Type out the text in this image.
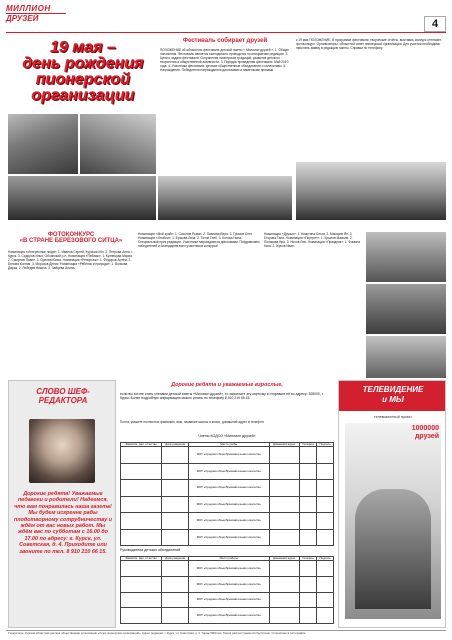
МИЛЛИОН
ДРУЗЕЙ	4
19 мая –
день рождения
пионерской
организации
Фестиваль собирает друзей
ПОЛОЖЕНИЕ об областном фестивале детской газеты « Миллион друзей ». 1. Общие положения. Фестиваль является ежегодным и проводится по инициативе редакции. 2. Цели и задачи фестиваля. Сохранение пионерских традиций, развитие детского творчества и общественной активности. 3. Порядок проведения фестиваля. Май 2010 года. 4. Участники фестиваля: детские общественные объединения и коллективы. 5. Награждение. Победители награждаются дипломами и памятными призами.
к 19 мая ПОЛОЖЕНИЕ. В программе фестиваля: творческие отчёты, выставки, конкурс стенгазет, фотоконкурс. Организаторы: областной совет пионерской организации. Для участия необходимо прислать заявку в редакцию газеты. Справки по телефону.
ФОТОКОНКУРС
«В СТРАНЕ БЕРЁЗОВОГО СИТЦА»
Номинация «Интересные люди»: 1. Иванов Сергей, Курская обл. 2. Петрова Анна, г. Курск. 3. Сидоров Илья, Обоянский р-н. Номинация «Пейзаж»: 1. Кузнецова Мария. 2. Смирнов Павел. 3. Орлова Юлия. Номинация «Репортаж»: 1. Фёдоров Артём. 2. Белова Ксения. 3. Морозов Денис. Номинация «Ребёнок и природа»: 1. Волкова Дарья. 2. Лебедев Никита. 3. Зайцева Алина.
Номинация «Мой край»: 1. Соколов Роман. 2. Павлова Вера. 3. Громов Олег. Номинация «Улыбка»: 1. Ершова Лиза. 2. Титов Глеб. 3. Котова Нина. Специальный приз редакции. Участники награждаются дипломами. Поздравляем победителей и благодарим всех участников конкурса!
Номинация «Друзья»: 1. Никитина Ольга. 2. Макаров Ян. 3. Егорова Таня. Номинация «Портрет»: 1. Крылов Максим. 2. Полякова Ира. 3. Носов Лев. Номинация «Праздник»: 1. Фомина Катя. 2. Жуков Иван.
СЛОВО ШЕФ-РЕДАКТОРА
Дорогие ребята! Уважаемые педагоги и родители! Надеемся, что вам понравилась наша газета! Мы будем искренне рады плодотворному сотрудничеству и ждём от вас новых работ. Мы ждём вас по субботам с 16.00 до 17.00 по адресу: г. Курск, ул. Советская, д. 4. Приходите или звоните по тел. 8 910 210 66 15.
Дорогие ребята и уважаемые взрослые,
если вы хотите стать членами детской газеты «Миллион друзей», то заполните эту карточку и отправьте её по адресу: 305000, г. Курск. Более подробную информацию можно узнать по телефону 8 910 210 66 15.
Почта: укажите полностью фамилию, имя, название школы и класс, домашний адрес и телефон.
Члены КОДСО «Миллион друзей»
Фамилия, имя, отчество	Дата рождения	Место учёбы	Домашний адрес	Телефон	Подпись
		МОУ «Средняя общеобразовательная школа №»			
		МОУ «Средняя общеобразовательная школа №»			
		МОУ «Средняя общеобразовательная школа №»			
		МОУ «Средняя общеобразовательная школа №»			
		МОУ «Средняя общеобразовательная школа №»			
		МОУ «Средняя общеобразовательная школа №»			
Руководители детских объединений
Фамилия, имя, отчество	Дата рождения	Место работы	Домашний адрес	Телефон	Подпись
		МОУ «Средняя общеобразовательная школа №»			
		МОУ «Средняя общеобразовательная школа №»			
		МОУ «Средняя общеобразовательная школа №»			
		МОУ «Средняя общеобразовательная школа №»			
ТЕЛЕВИДЕНИЕ
и МЫ
телевизионный проект
1000000
друзей
Учредитель: Курская областная детская общественная организация «Союз пионерских организаций». Адрес редакции: г. Курск, ул. Советская, д. 4. Тираж 5000 экз. Газета распространяется бесплатно. Отпечатано в типографии.
